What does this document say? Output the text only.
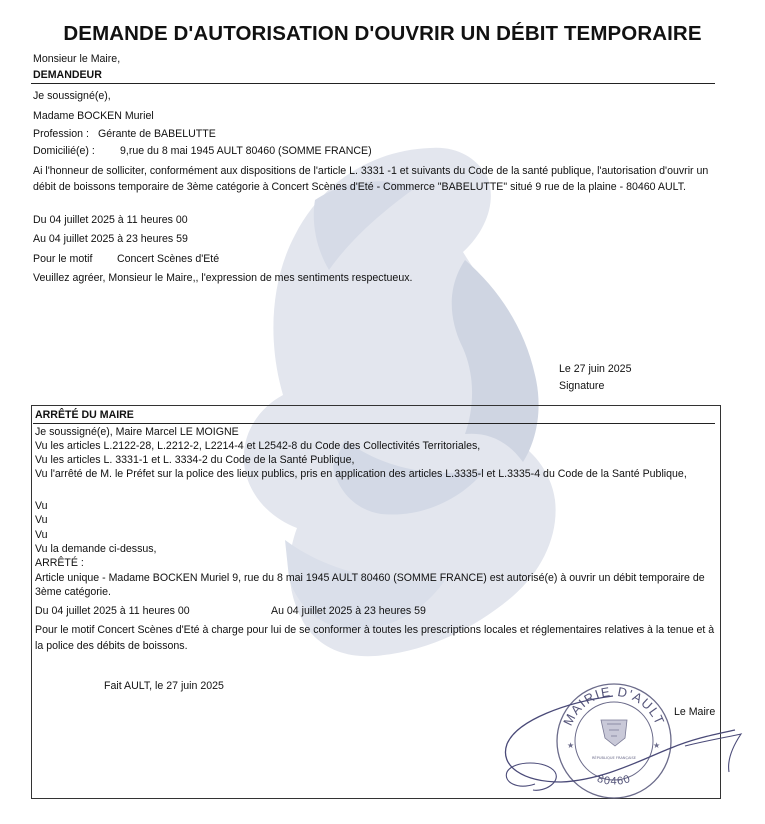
DEMANDE D'AUTORISATION D'OUVRIR UN DÉBIT TEMPORAIRE
Monsieur le Maire,
DEMANDEUR
Je soussigné(e),
Madame BOCKEN Muriel
Profession : Gérante de BABELUTTE
Domicilié(e) : 9,rue du 8 mai 1945 AULT 80460 (SOMME FRANCE)
Ai l'honneur de solliciter, conformément aux dispositions de l'article L. 3331 -1 et suivants du Code de la santé publique, l'autorisation d'ouvrir un débit de boissons temporaire de 3ème catégorie à Concert Scènes d'Eté - Commerce "BABELUTTE" situé 9 rue de la plaine - 80460 AULT.
Du 04 juillet 2025 à 11 heures 00
Au 04 juillet 2025 à 23 heures 59
Pour le motif Concert Scènes d'Eté
Veuillez agréer, Monsieur le Maire,, l'expression de mes sentiments respectueux.
Le 27 juin 2025
Signature
ARRÊTÉ DU MAIRE
Je soussigné(e), Maire Marcel LE MOIGNE
Vu les articles L.2122-28, L.2212-2, L2214-4 et L2542-8 du Code des Collectivités Territoriales,
Vu les articles L. 3331-1 et L. 3334-2 du Code de la Santé Publique,
Vu l'arrêté de M. le Préfet sur la police des lieux publics, pris en application des articles L.3335-l et L.3335-4 du Code de la Santé Publique,
Vu
Vu
Vu
Vu la demande ci-dessus,
ARRÊTÉ :
Article unique - Madame BOCKEN Muriel 9, rue du 8 mai 1945 AULT 80460 (SOMME FRANCE) est autorisé(e) à ouvrir un débit temporaire de 3ème catégorie.
Du 04 juillet 2025 à 11 heures 00	Au 04 juillet 2025 à 23 heures 59
Pour le motif Concert Scènes d'Eté à charge pour lui de se conformer à toutes les prescriptions locales et réglementaires relatives à la tenue et à la police des débits de boissons.
Fait AULT, le 27 juin 2025
Le Maire
MAIRIE D'AULT
80460
★	★
RÉPUBLIQUE FRANÇAISE
